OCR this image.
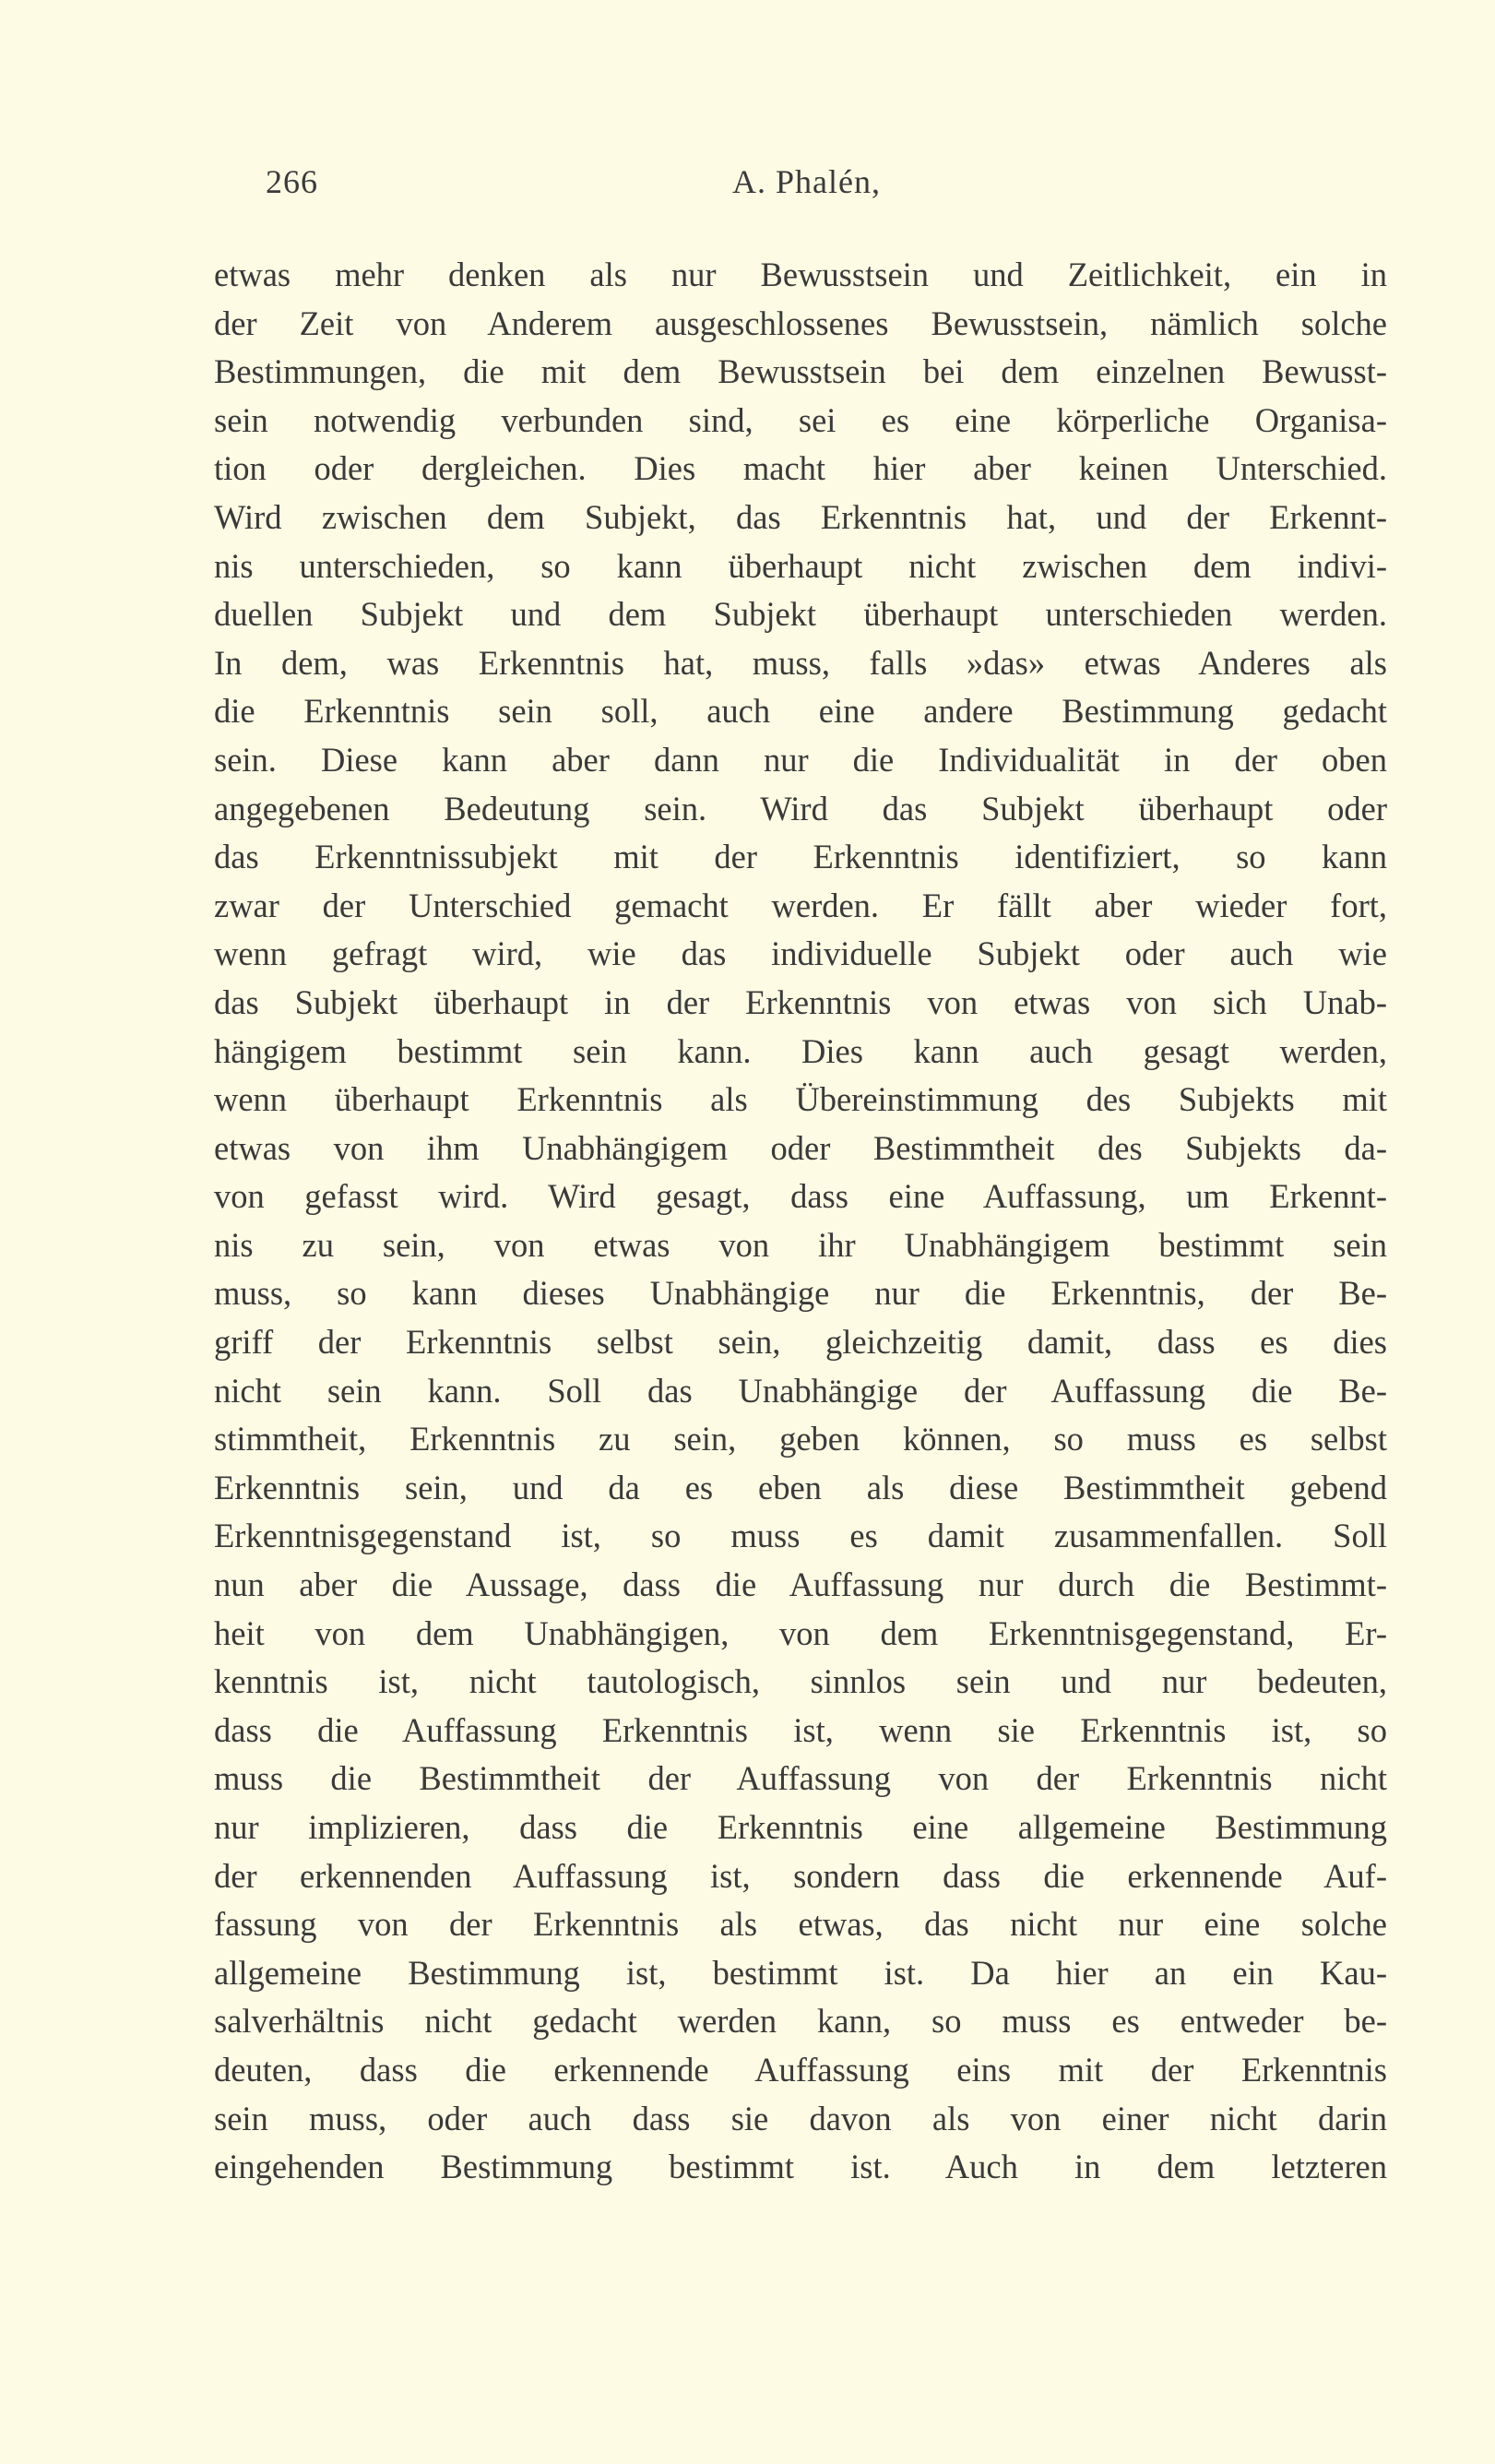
266	A. Phalén,
etwas mehr denken als nur Bewusstsein und Zeitlichkeit, ein in
der Zeit von Anderem ausgeschlossenes Bewusstsein, nämlich solche
Bestimmungen, die mit dem Bewusstsein bei dem einzelnen Bewusst-
sein notwendig verbunden sind, sei es eine körperliche Organisa-
tion oder dergleichen. Dies macht hier aber keinen Unterschied.
Wird zwischen dem Subjekt, das Erkenntnis hat, und der Erkennt-
nis unterschieden, so kann überhaupt nicht zwischen dem indivi-
duellen Subjekt und dem Subjekt überhaupt unterschieden werden.
In dem, was Erkenntnis hat, muss, falls »das» etwas Anderes als
die Erkenntnis sein soll, auch eine andere Bestimmung gedacht
sein. Diese kann aber dann nur die Individualität in der oben
angegebenen Bedeutung sein. Wird das Subjekt überhaupt oder
das Erkenntnissubjekt mit der Erkenntnis identifiziert, so kann
zwar der Unterschied gemacht werden. Er fällt aber wieder fort,
wenn gefragt wird, wie das individuelle Subjekt oder auch wie
das Subjekt überhaupt in der Erkenntnis von etwas von sich Unab-
hängigem bestimmt sein kann. Dies kann auch gesagt werden,
wenn überhaupt Erkenntnis als Übereinstimmung des Subjekts mit
etwas von ihm Unabhängigem oder Bestimmtheit des Subjekts da-
von gefasst wird. Wird gesagt, dass eine Auffassung, um Erkennt-
nis zu sein, von etwas von ihr Unabhängigem bestimmt sein
muss, so kann dieses Unabhängige nur die Erkenntnis, der Be-
griff der Erkenntnis selbst sein, gleichzeitig damit, dass es dies
nicht sein kann. Soll das Unabhängige der Auffassung die Be-
stimmtheit, Erkenntnis zu sein, geben können, so muss es selbst
Erkenntnis sein, und da es eben als diese Bestimmtheit gebend
Erkenntnisgegenstand ist, so muss es damit zusammenfallen. Soll
nun aber die Aussage, dass die Auffassung nur durch die Bestimmt-
heit von dem Unabhängigen, von dem Erkenntnisgegenstand, Er-
kenntnis ist, nicht tautologisch, sinnlos sein und nur bedeuten,
dass die Auffassung Erkenntnis ist, wenn sie Erkenntnis ist, so
muss die Bestimmtheit der Auffassung von der Erkenntnis nicht
nur implizieren, dass die Erkenntnis eine allgemeine Bestimmung
der erkennenden Auffassung ist, sondern dass die erkennende Auf-
fassung von der Erkenntnis als etwas, das nicht nur eine solche
allgemeine Bestimmung ist, bestimmt ist. Da hier an ein Kau-
salverhältnis nicht gedacht werden kann, so muss es entweder be-
deuten, dass die erkennende Auffassung eins mit der Erkenntnis
sein muss, oder auch dass sie davon als von einer nicht darin
eingehenden Bestimmung bestimmt ist. Auch in dem letzteren
